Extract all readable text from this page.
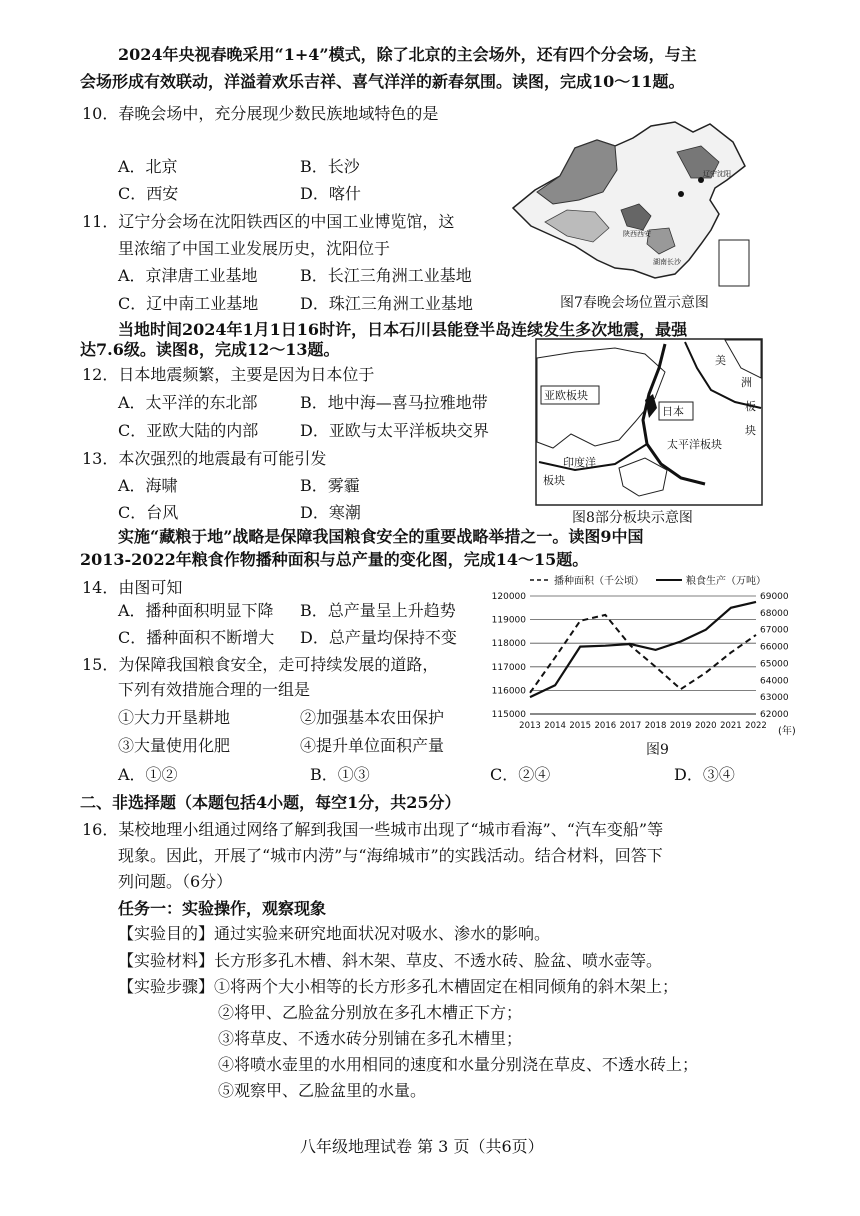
2024年央视春晚采用“1+4”模式，除了北京的主会场外，还有四个分会场，与主
会场形成有效联动，洋溢着欢乐吉祥、喜气洋洋的新春氛围。读图，完成10～11题。
10．春晚会场中，充分展现少数民族地域特色的是
A．北京	B．长沙
C．西安	D．喀什
11．辽宁分会场在沈阳铁西区的中国工业博览馆，这
里浓缩了中国工业发展历史，沈阳位于
A．京津唐工业基地	B．长江三角洲工业基地
C．辽中南工业基地	D．珠江三角洲工业基地
辽宁沈阳
陕西西安
湖南长沙
图7春晚会场位置示意图
当地时间2024年1月1日16时许，日本石川县能登半岛连续发生多次地震，最强
达7.6级。读图8，完成12～13题。
亚欧板块
日本
太平洋板块
美
洲
板
块
印度洋
板块
图8部分板块示意图
12．日本地震频繁，主要是因为日本位于
A．太平洋的东北部	B．地中海—喜马拉雅地带
C．亚欧大陆的内部	D．亚欧与太平洋板块交界
13．本次强烈的地震最有可能引发
A．海啸	B．雾霾
C．台风	D．寒潮
实施“藏粮于地”战略是保障我国粮食安全的重要战略举措之一。读图9中国
2013-2022年粮食作物播种面积与总产量的变化图，完成14～15题。
14．由图可知
A．播种面积明显下降 B．总产量呈上升趋势
C．播种面积不断增大 D．总产量均保持不变
15．为保障我国粮食安全，走可持续发展的道路，
下列有效措施合理的一组是
①大力开垦耕地	②加强基本农田保护
③大量使用化肥	④提升单位面积产量
A．①②	B．①③	C．②④	D．③④
播种面积（千公顷）	粮食生产（万吨）
115000
116000
117000
118000
119000
120000
62000
63000
64000
65000
66000
67000
68000
69000
2013 2014 2015 2016 2017 2018 2019 2020 2021 2022 (年)
图9
二、非选择题（本题包括4小题，每空1分，共25分）
16．某校地理小组通过网络了解到我国一些城市出现了“城市看海”、“汽车变船”等
现象。因此，开展了“城市内涝”与“海绵城市”的实践活动。结合材料，回答下
列问题。（6分）
任务一：实验操作，观察现象
【实验目的】通过实验来研究地面状况对吸水、渗水的影响。
【实验材料】长方形多孔木槽、斜木架、草皮、不透水砖、脸盆、喷水壶等。
【实验步骤】①将两个大小相等的长方形多孔木槽固定在相同倾角的斜木架上；
②将甲、乙脸盆分别放在多孔木槽正下方；
③将草皮、不透水砖分别铺在多孔木槽里；
④将喷水壶里的水用相同的速度和水量分别浇在草皮、不透水砖上；
⑤观察甲、乙脸盆里的水量。
八年级地理试卷 第 3 页（共6页）
